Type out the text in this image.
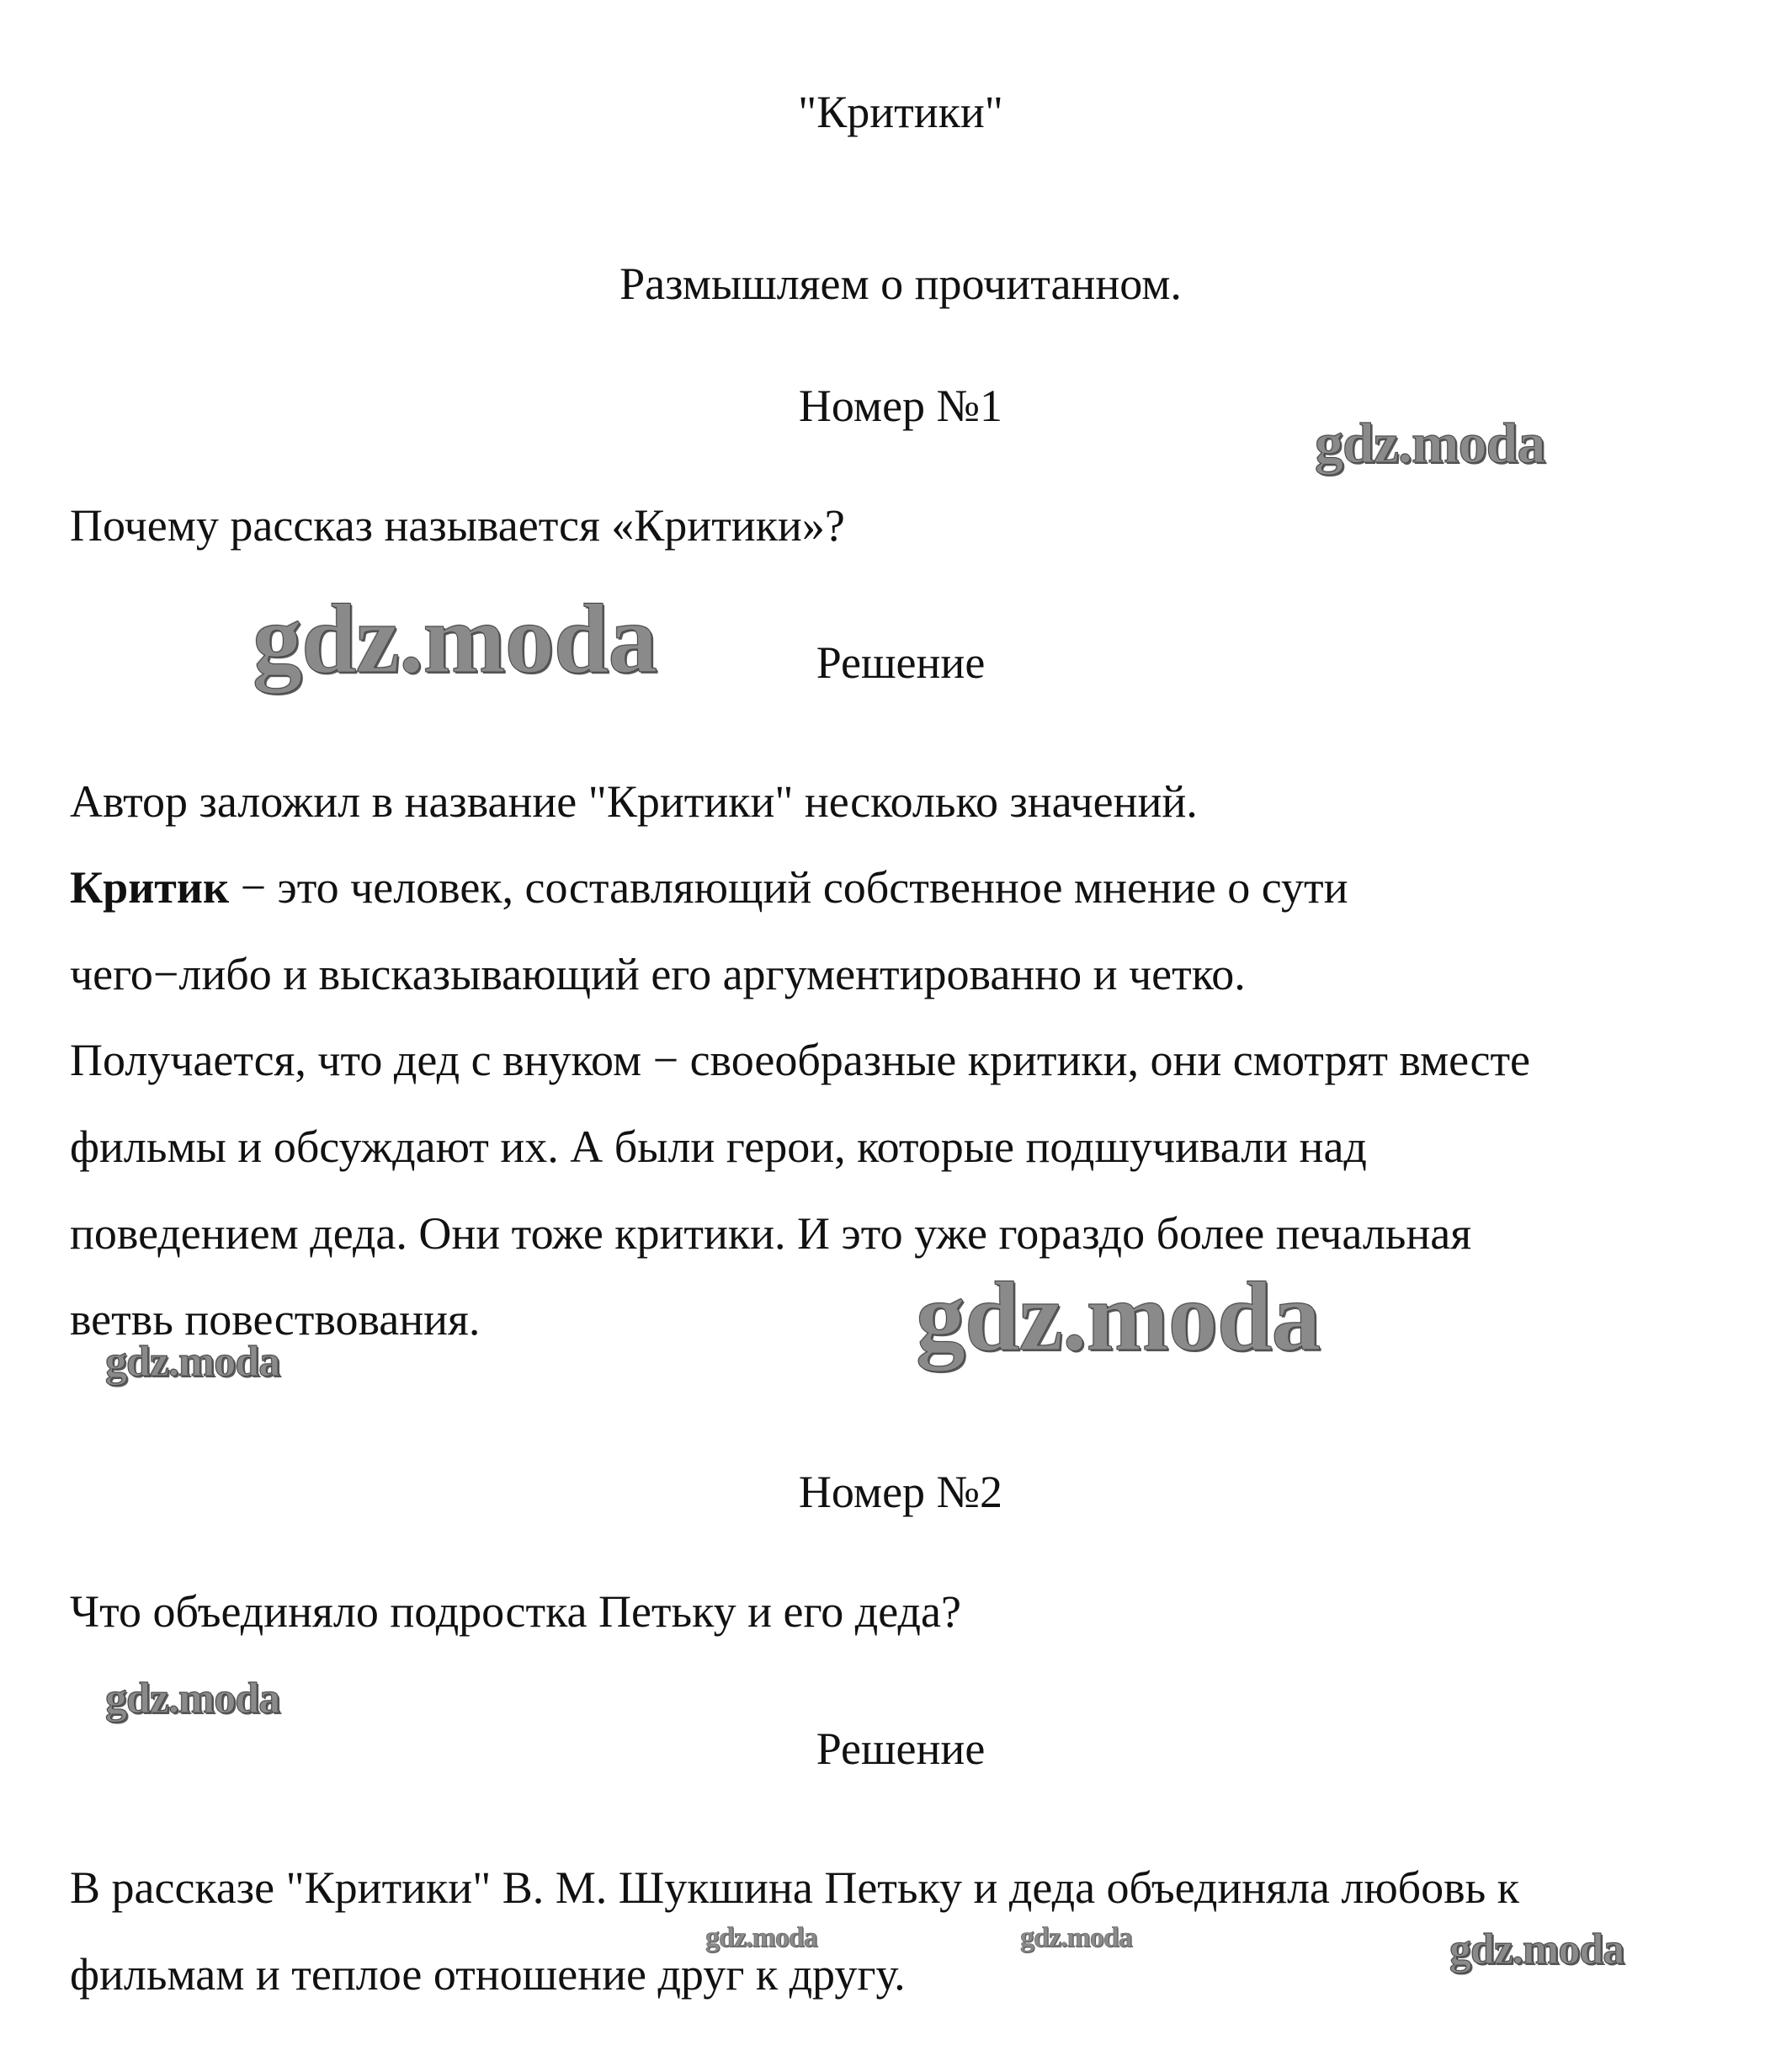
"Критики"
Размышляем о прочитанном.
Номер №1
Почему рассказ называется «Критики»?
Решение
Автор заложил в название "Критики" несколько значений.
Критик − это человек, составляющий собственное мнение о сути
чего−либо и высказывающий его аргументированно и четко.
Получается, что дед с внуком − своеобразные критики, они смотрят вместе
фильмы и обсуждают их. А были герои, которые подшучивали над
поведением деда. Они тоже критики. И это уже гораздо более печальная
ветвь повествования.
Номер №2
Что объединяло подростка Петьку и его деда?
Решение
В рассказе "Критики" В. М. Шукшина Петьку и деда объединяла любовь к
фильмам и теплое отношение друг к другу.
gdz.moda
gdz.moda
gdz.moda
gdz.moda
gdz.moda
gdz.moda	gdz.moda	gdz.moda
